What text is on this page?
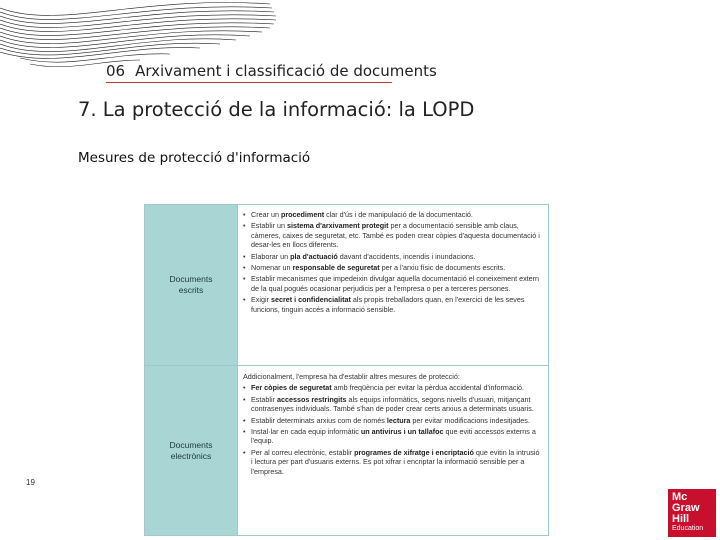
06 Arxivament i classificació de documents
7. La protecció de la informació: la LOPD
Mesures de protecció d'informació
Documents escrits
• Crear un procediment clar d'ús i de manipulació de la documentació.
• Establir un sistema d'arxivament protegit per a documentació sensible amb claus, càmeres, caixes de seguretat, etc. També es poden crear còpies d'aquesta documentació i desar-les en llocs diferents.
• Elaborar un pla d'actuació davant d'accidents, incendis i inundacions.
• Nomenar un responsable de seguretat per a l'arxiu físic de documents escrits.
• Establir mecanismes que impedeixin divulgar aquella documentació el coneixement extern de la qual pogués ocasionar perjudicis per a l'empresa o per a terceres persones.
• Exigir secret i confidencialitat als propis treballadors quan, en l'exercici de les seves funcions, tinguin accés a informació sensible.
Documents electrònics
Addicionalment, l'empresa ha d'establir altres mesures de protecció:
• Fer còpies de seguretat amb freqüència per evitar la pèrdua accidental d'informació.
• Establir accessos restringits als equips informàtics, segons nivells d'usuari, mitjançant contrasenyes individuals. També s'han de poder crear certs arxius a determinats usuaris.
• Establir determinats arxius com de només lectura per evitar modificacions indesitjades.
• Instal·lar en cada equip informàtic un antivirus i un tallafoc que eviti accessos externs a l'equip.
• Per al correu electrònic, establir programes de xifratge i encriptació que evitin la intrusió i lectura per part d'usuaris externs. Es pot xifrar i encriptar la informació sensible per a l'empresa.
19
Mc
Graw
Hill
Education
